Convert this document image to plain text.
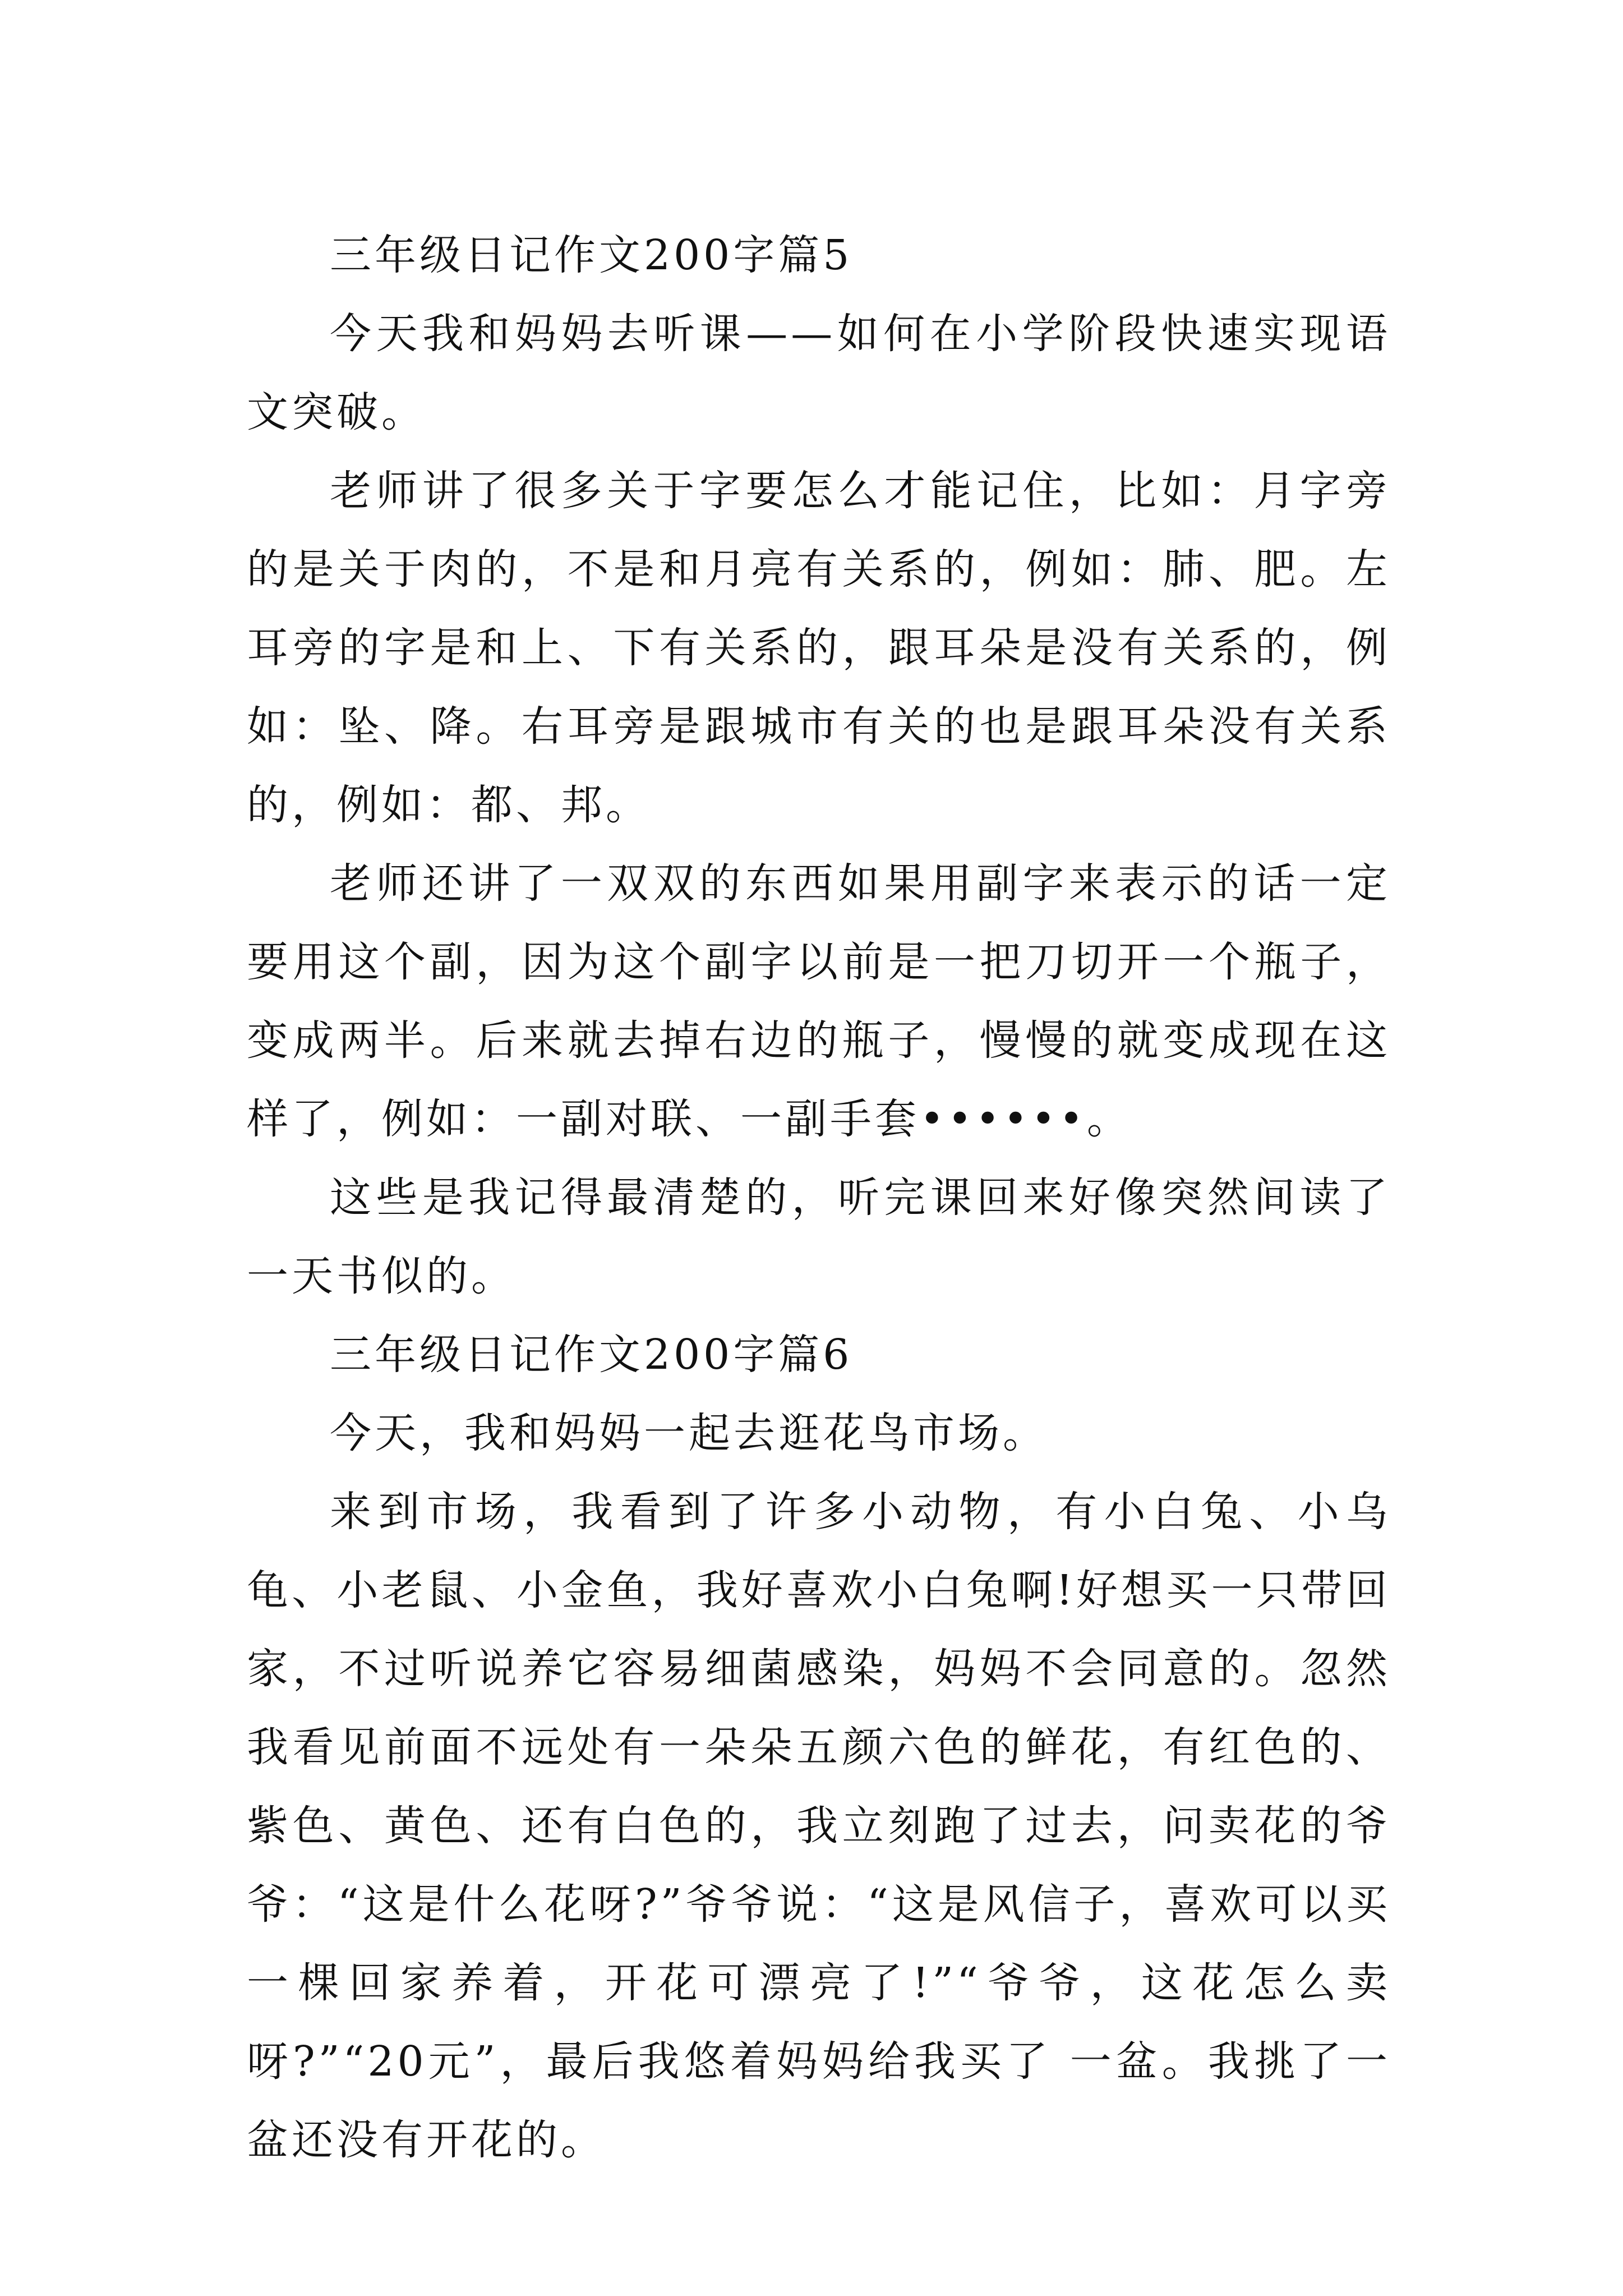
三年级日记作文200字篇5

今天我和妈妈去听课——如何在小学阶段快速实现语文突破。

老师讲了很多关于字要怎么才能记住，比如：月字旁的是关于肉的，不是和月亮有关系的，例如：肺、肥。左耳旁的字是和上、下有关系的，跟耳朵是没有关系的，例如：坠、降。右耳旁是跟城市有关的也是跟耳朵没有关系的，例如：都、邦。

老师还讲了一双双的东西如果用副字来表示的话一定要用这个副，因为这个副字以前是一把刀切开一个瓶子，变成两半。后来就去掉右边的瓶子，慢慢的就变成现在这样了，例如：一副对联、一副手套••••••。

这些是我记得最清楚的，听完课回来好像突然间读了一天书似的。

三年级日记作文200字篇6

今天，我和妈妈一起去逛花鸟市场。

来到市场，我看到了许多小动物，有小白兔、小乌龟、小老鼠、小金鱼，我好喜欢小白兔啊!好想买一只带回家，不过听说养它容易细菌感染，妈妈不会同意的。忽然我看见前面不远处有一朵朵五颜六色的鲜花，有红色的、紫色、黄色、还有白色的，我立刻跑了过去，问卖花的爷爷：“这是什么花呀?”爷爷说：“这是风信子，喜欢可以买一棵回家养着，开花可漂亮了!”“爷爷，这花怎么卖呀?”“20元”，最后我悠着妈妈给我买了 一盆。我挑了一盆还没有开花的。
